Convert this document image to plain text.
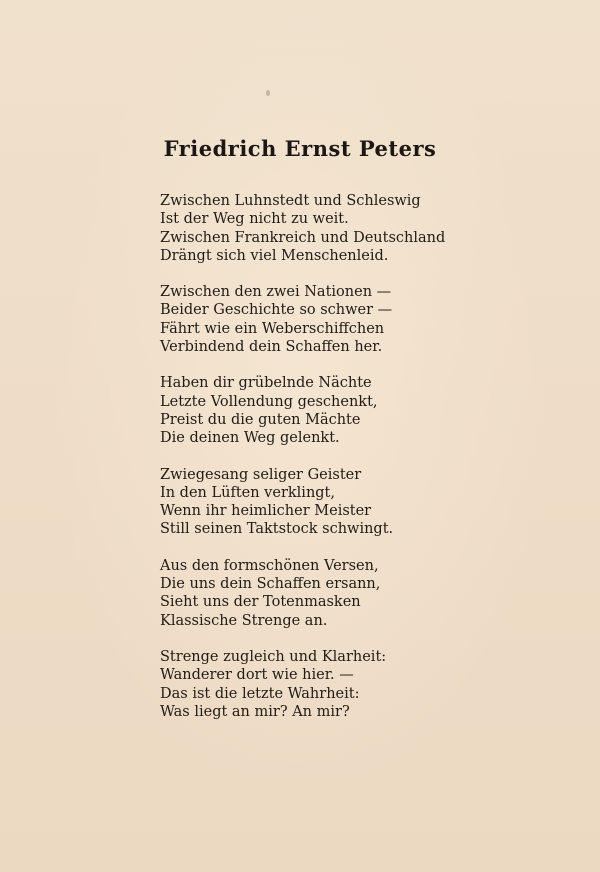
Friedrich Ernst Peters
Zwischen Luhnstedt und Schleswig
Ist der Weg nicht zu weit.
Zwischen Frankreich und Deutschland
Drängt sich viel Menschenleid.
Zwischen den zwei Nationen —
Beider Geschichte so schwer —
Fährt wie ein Weberschiffchen
Verbindend dein Schaffen her.
Haben dir grübelnde Nächte
Letzte Vollendung geschenkt,
Preist du die guten Mächte
Die deinen Weg gelenkt.
Zwiegesang seliger Geister
In den Lüften verklingt,
Wenn ihr heimlicher Meister
Still seinen Taktstock schwingt.
Aus den formschönen Versen,
Die uns dein Schaffen ersann,
Sieht uns der Totenmasken
Klassische Strenge an.
Strenge zugleich und Klarheit:
Wanderer dort wie hier. —
Das ist die letzte Wahrheit:
Was liegt an mir? An mir?
